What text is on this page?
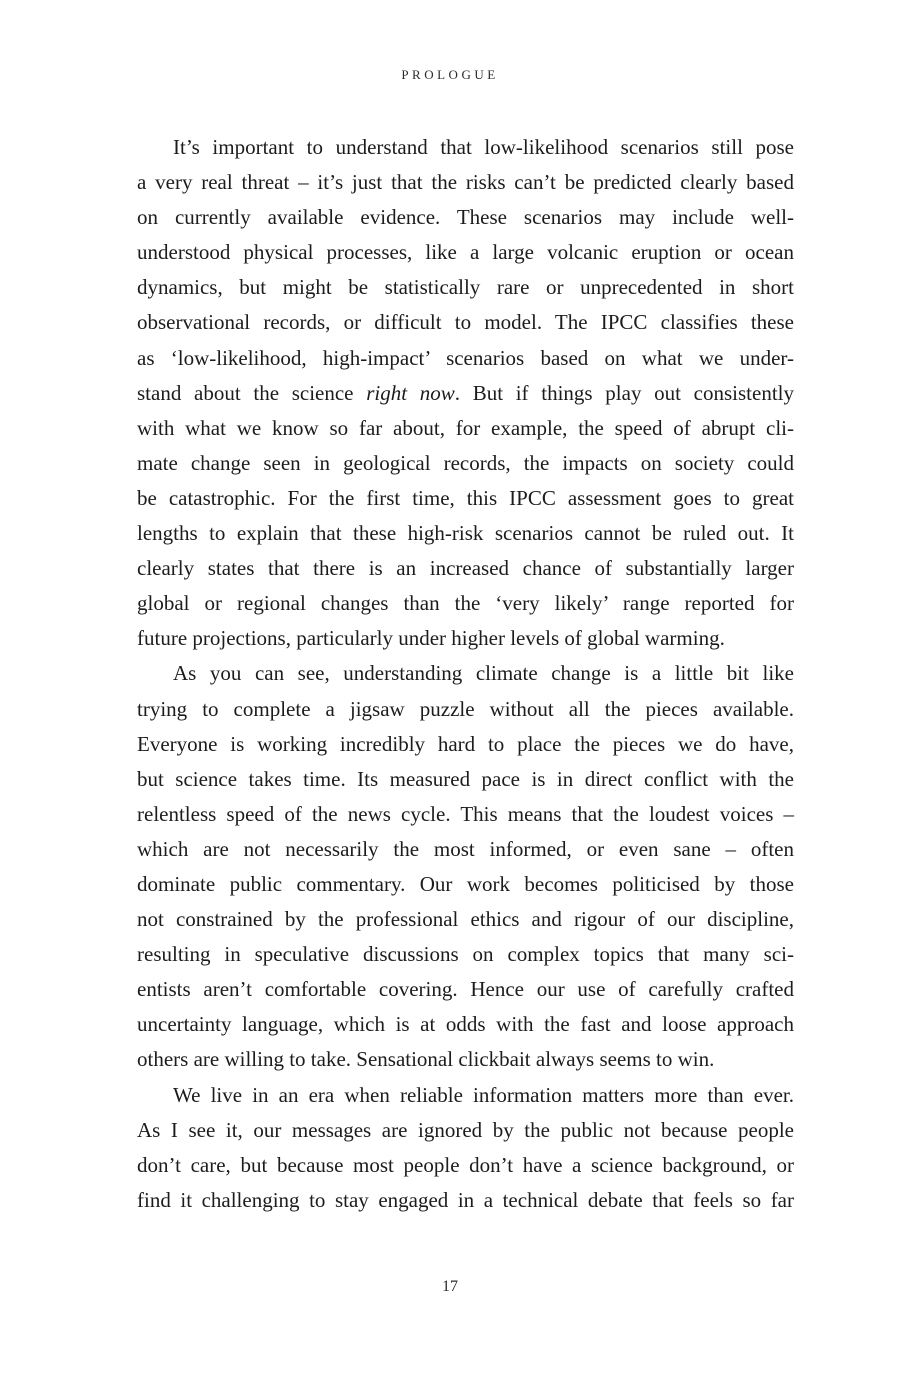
PROLOGUE
It’s important to understand that low-likelihood scenarios still pose
a very real threat – it’s just that the risks can’t be predicted clearly based
on currently available evidence. These scenarios may include well-
understood physical processes, like a large volcanic eruption or ocean
dynamics, but might be statistically rare or unprecedented in short
observational records, or difficult to model. The IPCC classifies these
as ‘low-likelihood, high-impact’ scenarios based on what we under-
stand about the science right now. But if things play out consistently
with what we know so far about, for example, the speed of abrupt cli-
mate change seen in geological records, the impacts on society could
be catastrophic. For the first time, this IPCC assessment goes to great
lengths to explain that these high-risk scenarios cannot be ruled out. It
clearly states that there is an increased chance of substantially larger
global or regional changes than the ‘very likely’ range reported for
future projections, particularly under higher levels of global warming.
As you can see, understanding climate change is a little bit like
trying to complete a jigsaw puzzle without all the pieces available.
Everyone is working incredibly hard to place the pieces we do have,
but science takes time. Its measured pace is in direct conflict with the
relentless speed of the news cycle. This means that the loudest voices –
which are not necessarily the most informed, or even sane – often
dominate public commentary. Our work becomes politicised by those
not constrained by the professional ethics and rigour of our discipline,
resulting in speculative discussions on complex topics that many sci-
entists aren’t comfortable covering. Hence our use of carefully crafted
uncertainty language, which is at odds with the fast and loose approach
others are willing to take. Sensational clickbait always seems to win.
We live in an era when reliable information matters more than ever.
As I see it, our messages are ignored by the public not because people
don’t care, but because most people don’t have a science background, or
find it challenging to stay engaged in a technical debate that feels so far
17
